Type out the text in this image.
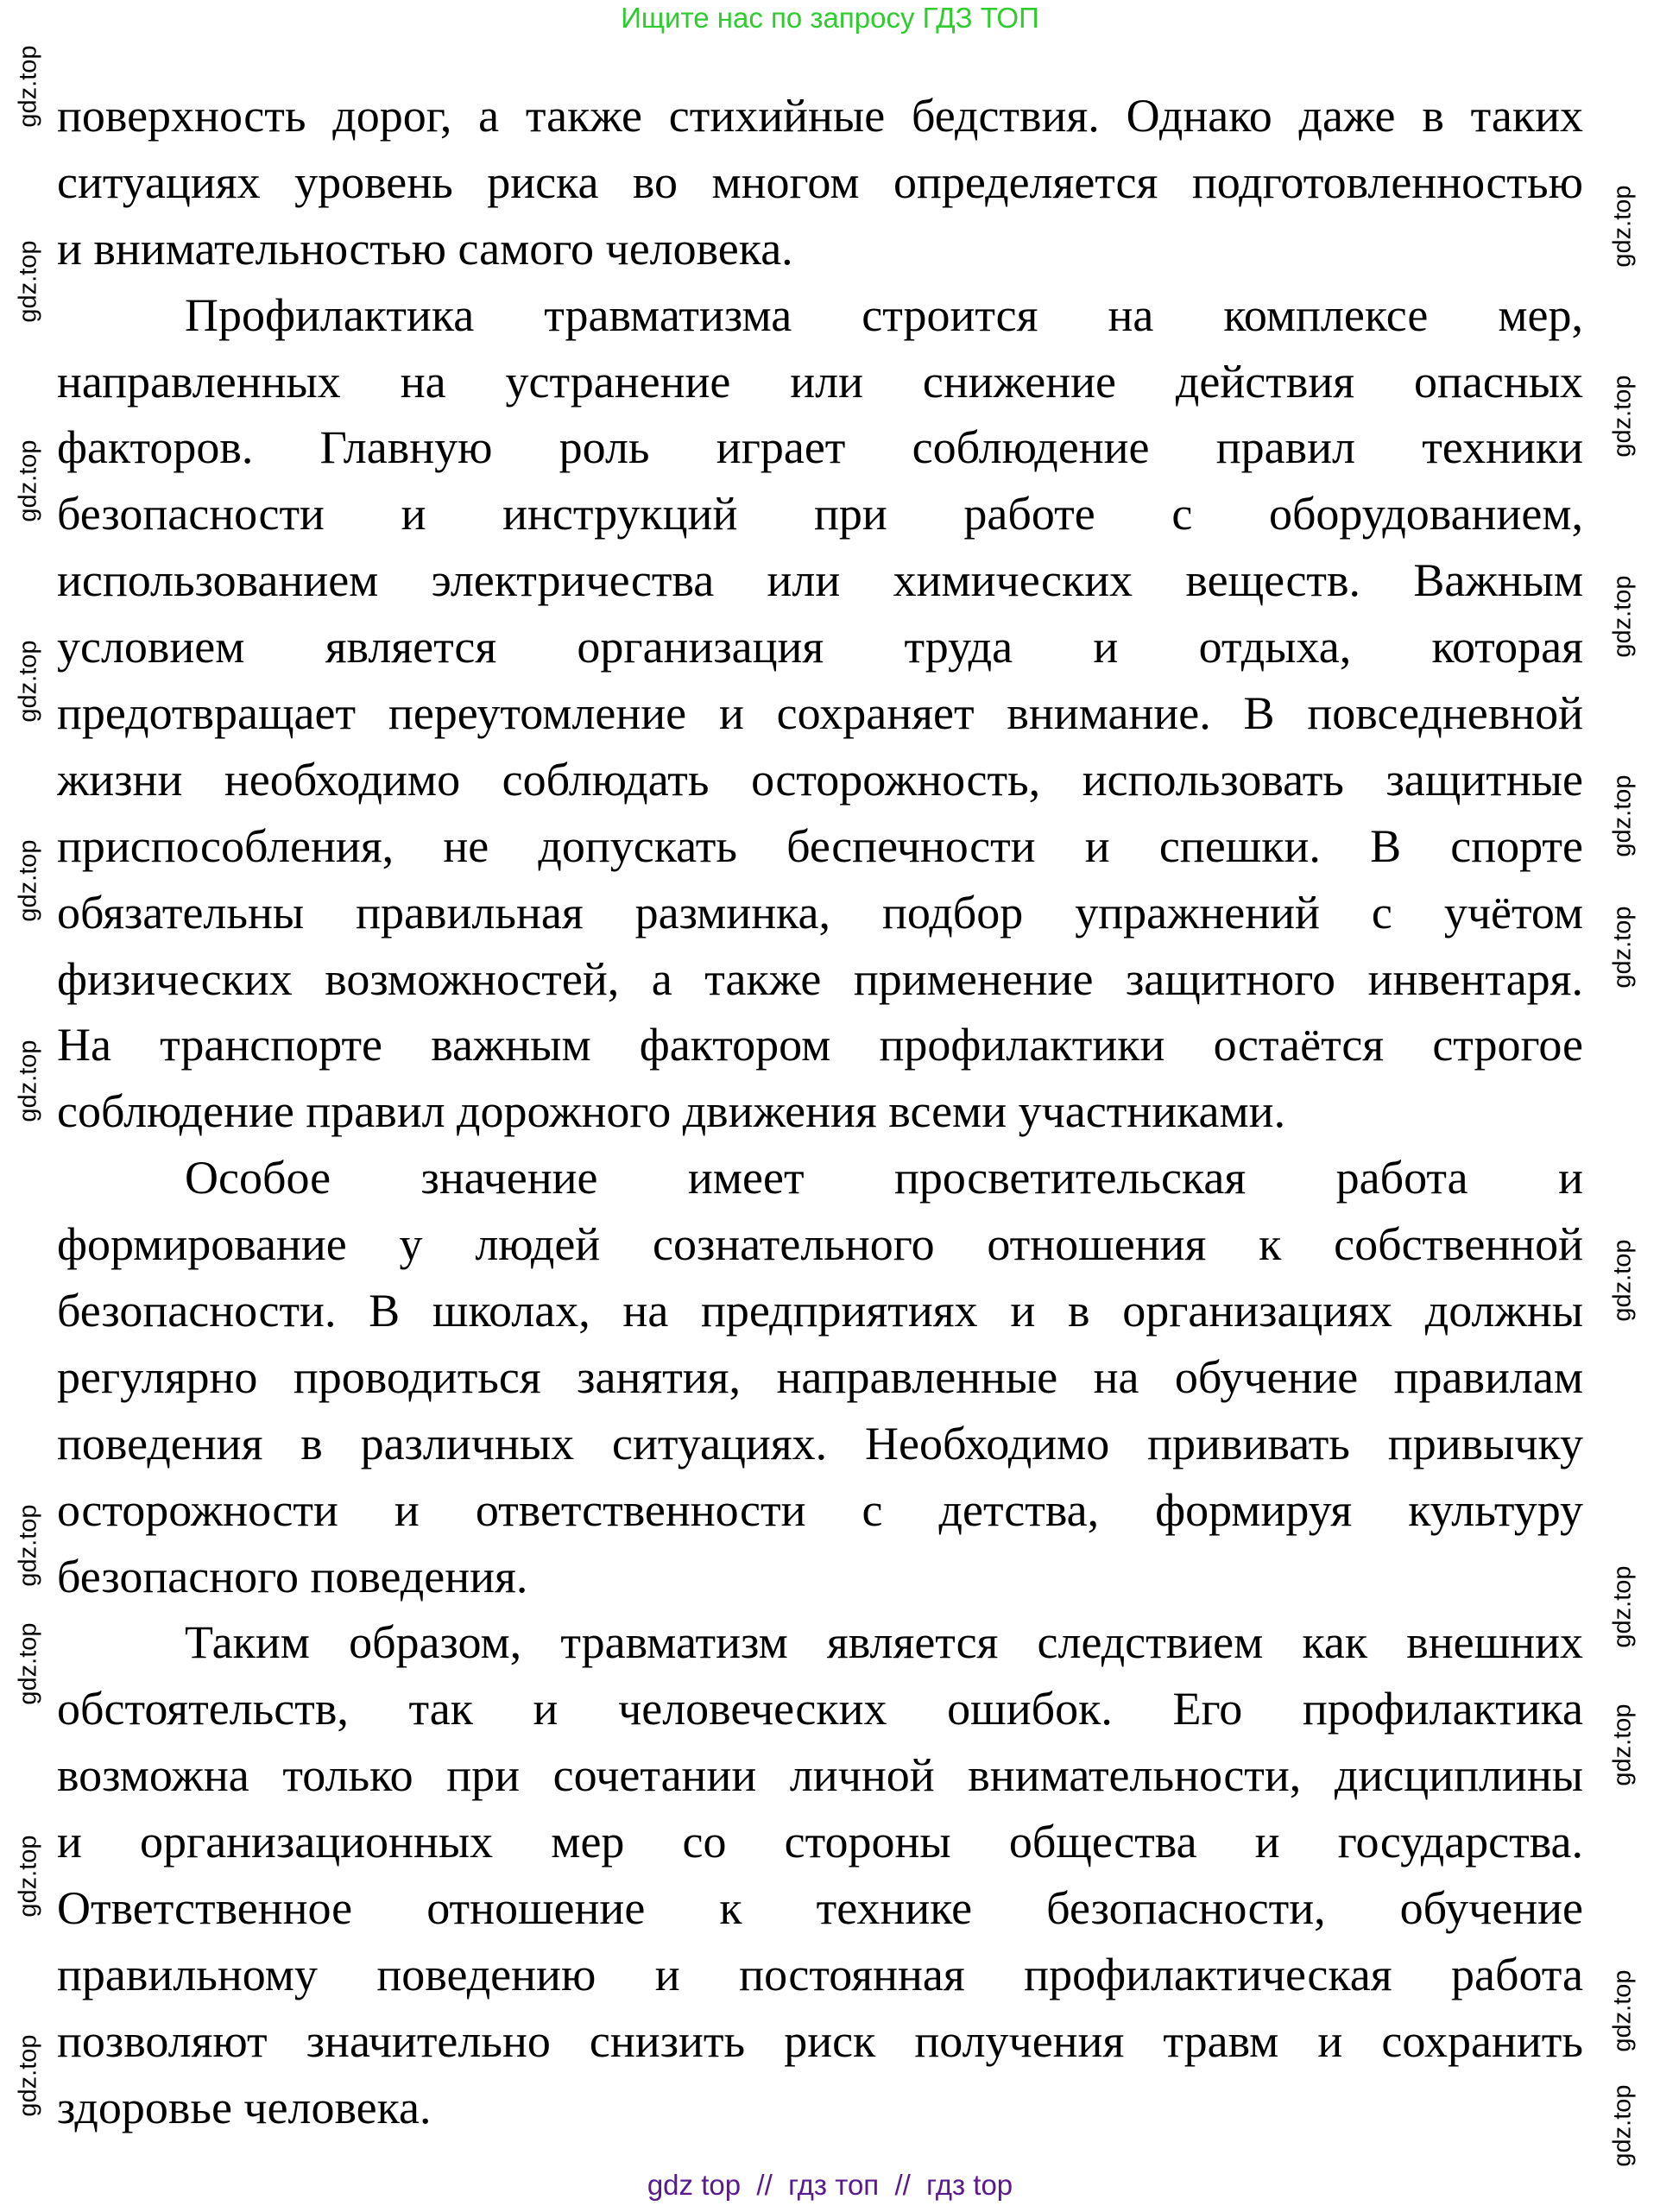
Ищите нас по запросу ГДЗ ТОП
поверхность дорог, а также стихийные бедствия. Однако даже в таких
ситуациях уровень риска во многом определяется подготовленностью
и внимательностью самого человека.
Профилактика травматизма строится на комплексе мер,
направленных на устранение или снижение действия опасных
факторов. Главную роль играет соблюдение правил техники
безопасности и инструкций при работе с оборудованием,
использованием электричества или химических веществ. Важным
условием является организация труда и отдыха, которая
предотвращает переутомление и сохраняет внимание. В повседневной
жизни необходимо соблюдать осторожность, использовать защитные
приспособления, не допускать беспечности и спешки. В спорте
обязательны правильная разминка, подбор упражнений с учётом
физических возможностей, а также применение защитного инвентаря.
На транспорте важным фактором профилактики остаётся строгое
соблюдение правил дорожного движения всеми участниками.
Особое значение имеет просветительская работа и
формирование у людей сознательного отношения к собственной
безопасности. В школах, на предприятиях и в организациях должны
регулярно проводиться занятия, направленные на обучение правилам
поведения в различных ситуациях. Необходимо прививать привычку
осторожности и ответственности с детства, формируя культуру
безопасного поведения.
Таким образом, травматизм является следствием как внешних
обстоятельств, так и человеческих ошибок. Его профилактика
возможна только при сочетании личной внимательности, дисциплины
и организационных мер со стороны общества и государства.
Ответственное отношение к технике безопасности, обучение
правильному поведению и постоянная профилактическая работа
позволяют значительно снизить риск получения травм и сохранить
здоровье человека.
gdz.top
gdz.top
gdz.top
gdz.top
gdz.top
gdz.top
gdz.top
gdz.top
gdz.top
gdz.top
gdz.top
gdz.top
gdz.top
gdz.top
gdz.top
gdz.top
gdz.top
gdz.top
gdz.top
gdz.top
gdz top  //  гдз топ  //  гдз top
